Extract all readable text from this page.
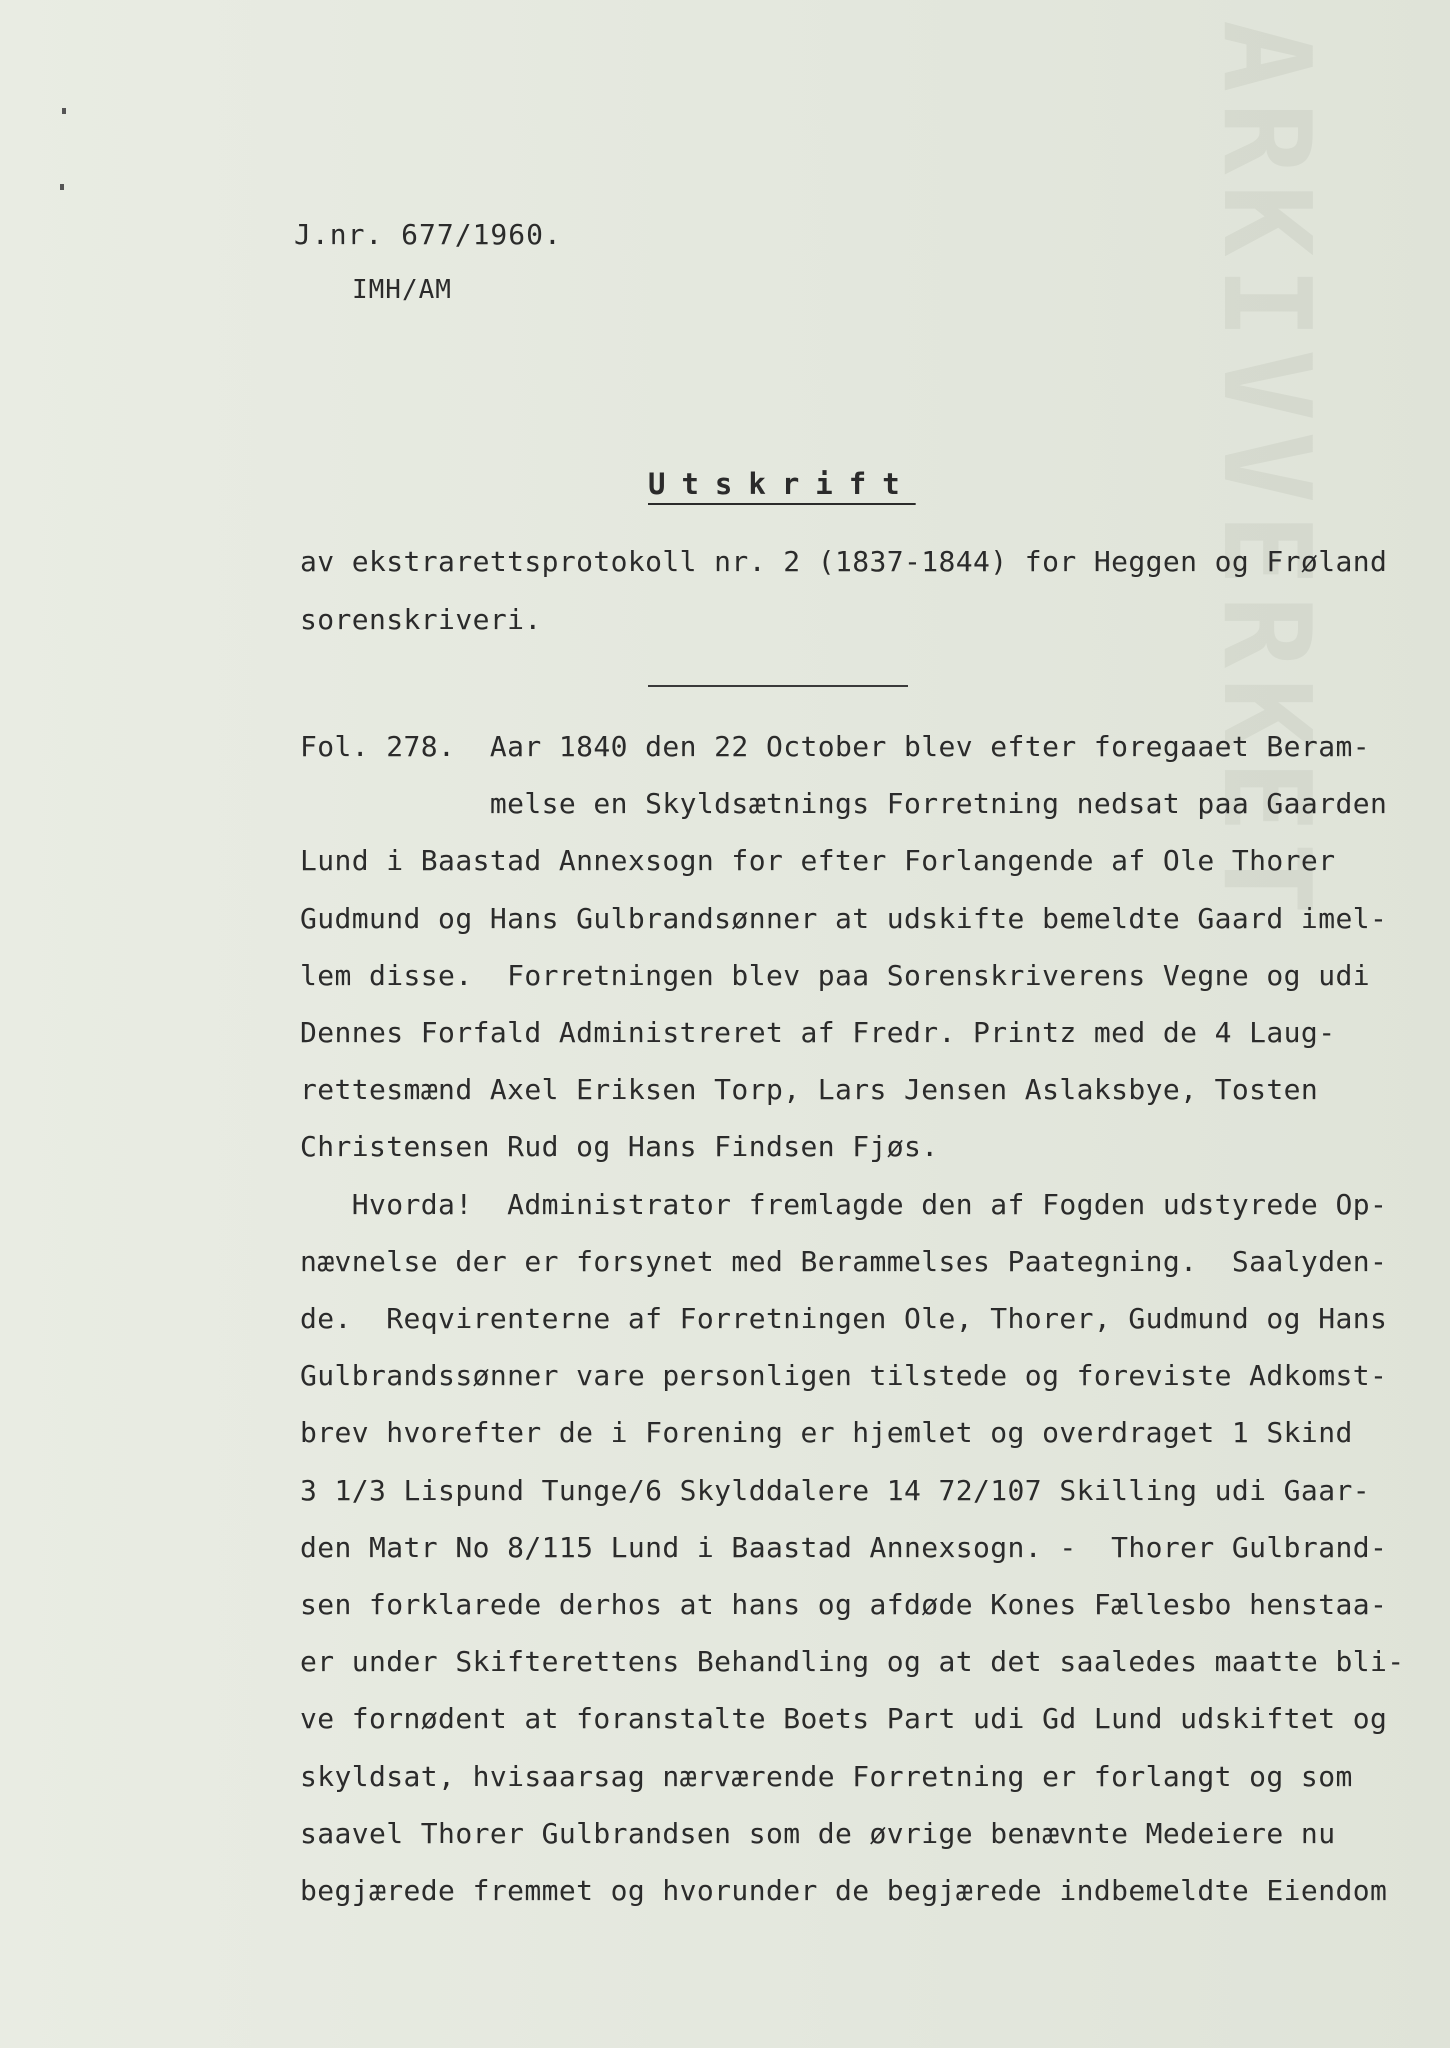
ARKIVVERKET
J.nr. 677/1960.
IMH/AM
Utskrift
av ekstrarettsprotokoll nr. 2 (1837-1844) for Heggen og Frøland
sorenskriveri.
Fol. 278.  Aar 1840 den 22 October blev efter foregaaet Beram-
melse en Skyldsætnings Forretning nedsat paa Gaarden
Lund i Baastad Annexsogn for efter Forlangende af Ole Thorer
Gudmund og Hans Gulbrandsønner at udskifte bemeldte Gaard imel-
lem disse.  Forretningen blev paa Sorenskriverens Vegne og udi
Dennes Forfald Administreret af Fredr. Printz med de 4 Laug-
rettesmænd Axel Eriksen Torp, Lars Jensen Aslaksbye, Tosten
Christensen Rud og Hans Findsen Fjøs.
Hvorda!  Administrator fremlagde den af Fogden udstyrede Op-
nævnelse der er forsynet med Berammelses Paategning.  Saalyden-
de.  Reqvirenterne af Forretningen Ole, Thorer, Gudmund og Hans
Gulbrandssønner vare personligen tilstede og foreviste Adkomst-
brev hvorefter de i Forening er hjemlet og overdraget 1 Skind
3 1/3 Lispund Tunge/6 Skylddalere 14 72/107 Skilling udi Gaar-
den Matr No 8/115 Lund i Baastad Annexsogn. -  Thorer Gulbrand-
sen forklarede derhos at hans og afdøde Kones Fællesbo henstaa-
er under Skifterettens Behandling og at det saaledes maatte bli-
ve fornødent at foranstalte Boets Part udi Gd Lund udskiftet og
skyldsat, hvisaarsag nærværende Forretning er forlangt og som
saavel Thorer Gulbrandsen som de øvrige benævnte Medeiere nu
begjærede fremmet og hvorunder de begjærede indbemeldte Eiendom
